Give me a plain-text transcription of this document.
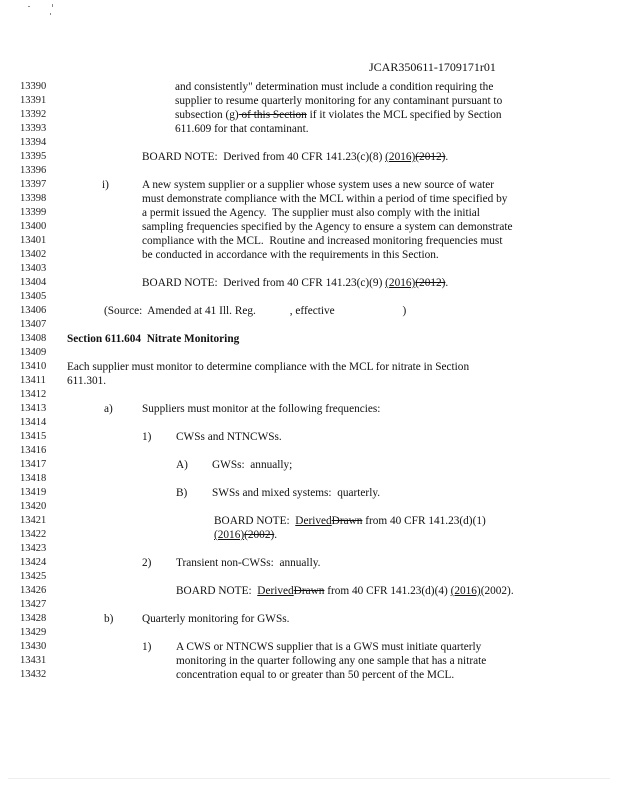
JCAR350611-1709171r01
13390	and consistently" determination must include a condition requiring the
13391	supplier to resume quarterly monitoring for any contaminant pursuant to
13392	subsection (g) of this Section if it violates the MCL specified by Section
13393	611.609 for that contaminant.
13394
13395	BOARD NOTE:  Derived from 40 CFR 141.23(c)(8) (2016)(2012).
13396
13397	i)	A new system supplier or a supplier whose system uses a new source of water
13398	must demonstrate compliance with the MCL within a period of time specified by
13399	a permit issued the Agency.  The supplier must also comply with the initial
13400	sampling frequencies specified by the Agency to ensure a system can demonstrate
13401	compliance with the MCL.  Routine and increased monitoring frequencies must
13402	be conducted in accordance with the requirements in this Section.
13403
13404	BOARD NOTE:  Derived from 40 CFR 141.23(c)(9) (2016)(2012).
13405
13406	(Source:  Amended at 41 Ill. Reg.            , effective                        )
13407
13408 Section 611.604  Nitrate Monitoring
13409
13410 Each supplier must monitor to determine compliance with the MCL for nitrate in Section
13411 611.301.
13412
13413	a)	Suppliers must monitor at the following frequencies:
13414
13415	1) CWSs and NTNCWSs.
13416
13417	A) GWSs:  annually;
13418
13419	B) SWSs and mixed systems:  quarterly.
13420
13421	BOARD NOTE:  DerivedDrawn from 40 CFR 141.23(d)(1)
13422	(2016)(2002).
13423
13424	2) Transient non-CWSs:  annually.
13425
13426	BOARD NOTE:  DerivedDrawn from 40 CFR 141.23(d)(4) (2016)(2002).
13427
13428	b)	Quarterly monitoring for GWSs.
13429
13430	1) A CWS or NTNCWS supplier that is a GWS must initiate quarterly
13431	monitoring in the quarter following any one sample that has a nitrate
13432	concentration equal to or greater than 50 percent of the MCL.
